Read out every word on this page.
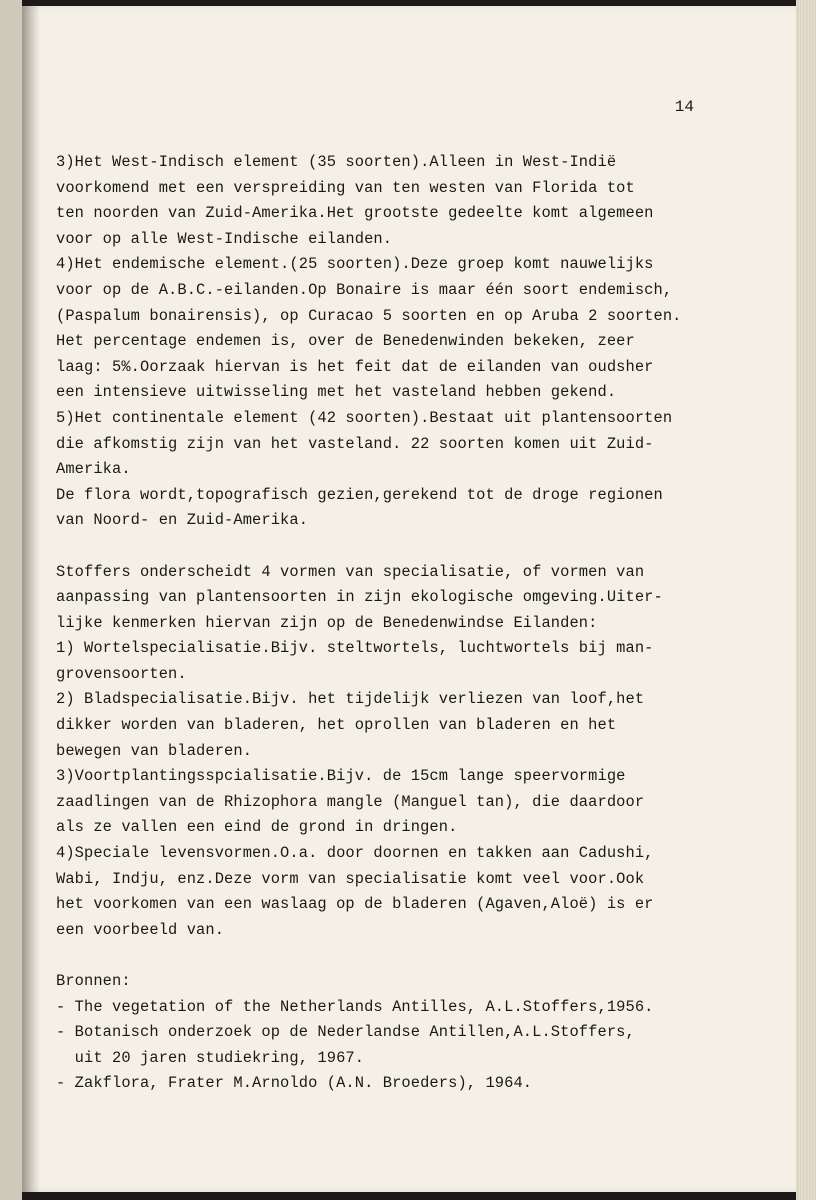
14
3)Het West-Indisch element (35 soorten).Alleen in West-Indië
voorkomend met een verspreiding van ten westen van Florida tot
ten noorden van Zuid-Amerika.Het grootste gedeelte komt algemeen
voor op alle West-Indische eilanden.
4)Het endemische element.(25 soorten).Deze groep komt nauwelijks
voor op de A.B.C.-eilanden.Op Bonaire is maar één soort endemisch,
(Paspalum bonairensis), op Curacao 5 soorten en op Aruba 2 soorten.
Het percentage endemen is, over de Benedenwinden bekeken, zeer
laag: 5%.Oorzaak hiervan is het feit dat de eilanden van oudsher
een intensieve uitwisseling met het vasteland hebben gekend.
5)Het continentale element (42 soorten).Bestaat uit plantensoorten
die afkomstig zijn van het vasteland. 22 soorten komen uit Zuid-
Amerika.
De flora wordt,topografisch gezien,gerekend tot de droge regionen
van Noord- en Zuid-Amerika.
Stoffers onderscheidt 4 vormen van specialisatie, of vormen van
aanpassing van plantensoorten in zijn ekologische omgeving.Uiter-
lijke kenmerken hiervan zijn op de Benedenwindse Eilanden:
1) Wortelspecialisatie.Bijv. steltwortels, luchtwortels bij man-
grovensoorten.
2) Bladspecialisatie.Bijv. het tijdelijk verliezen van loof,het
dikker worden van bladeren, het oprollen van bladeren en het
bewegen van bladeren.
3)Voortplantingsspcialisatie.Bijv. de 15cm lange speervormige
zaadlingen van de Rhizophora mangle (Manguel tan), die daardoor
als ze vallen een eind de grond in dringen.
4)Speciale levensvormen.O.a. door doornen en takken aan Cadushi,
Wabi, Indju, enz.Deze vorm van specialisatie komt veel voor.Ook
het voorkomen van een waslaag op de bladeren (Agaven,Aloë) is er
een voorbeeld van.
Bronnen:
- The vegetation of the Netherlands Antilles, A.L.Stoffers,1956.
- Botanisch onderzoek op de Nederlandse Antillen,A.L.Stoffers,
uit 20 jaren studiekring, 1967.
- Zakflora, Frater M.Arnoldo (A.N. Broeders), 1964.
